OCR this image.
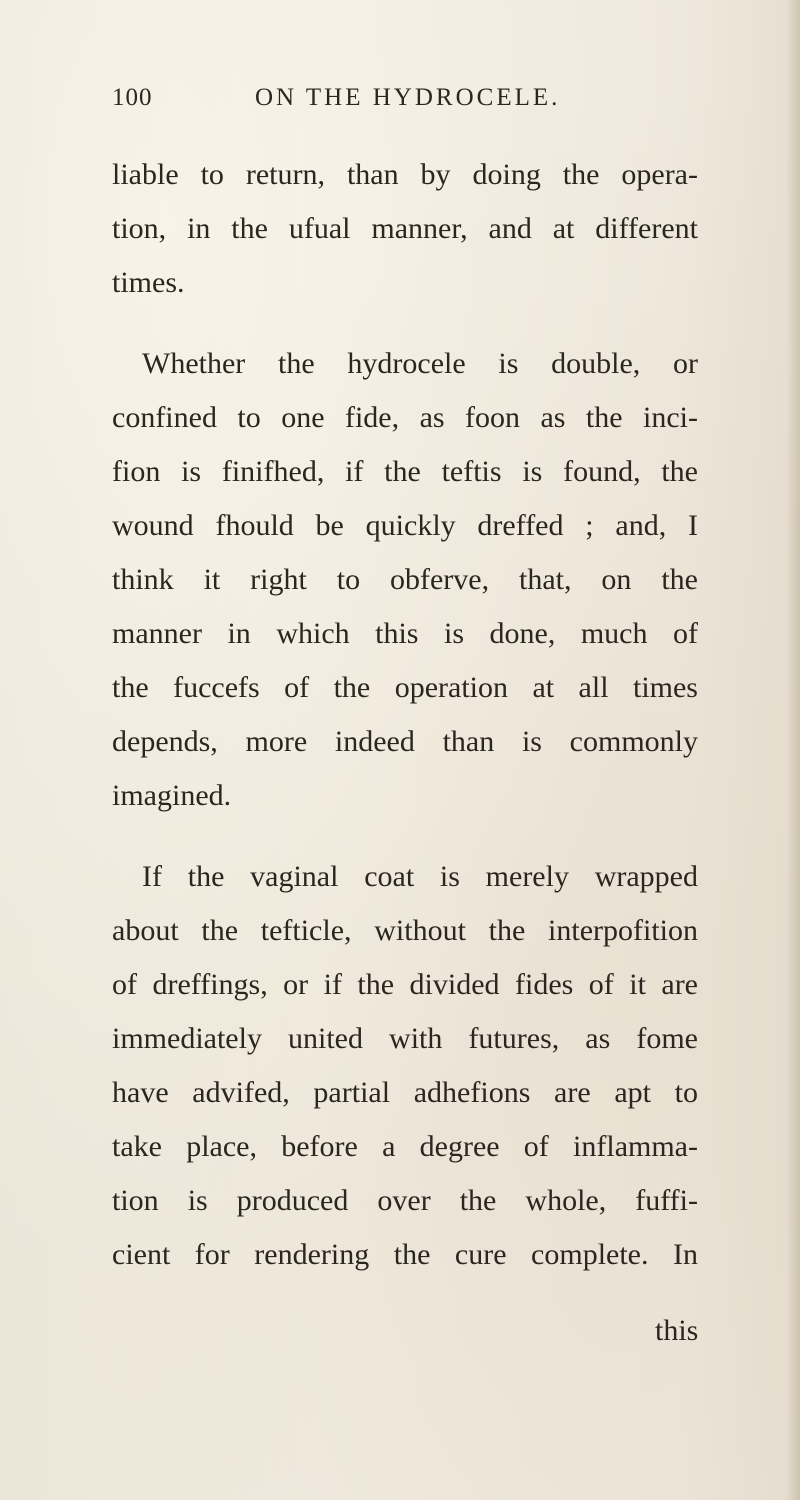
100	ON THE HYDROCELE.
liable to return, than by doing the opera-
tion, in the ufual manner, and at different
times.
Whether the hydrocele is double, or
confined to one fide, as foon as the inci-
fion is finifhed, if the teftis is found, the
wound fhould be quickly dreffed ; and, I
think it right to obferve, that, on the
manner in which this is done, much of
the fuccefs of the operation at all times
depends, more indeed than is commonly
imagined.
If the vaginal coat is merely wrapped
about the tefticle, without the interpofition
of dreffings, or if the divided fides of it are
immediately united with futures, as fome
have advifed, partial adhefions are apt to
take place, before a degree of inflamma-
tion is produced over the whole, fuffi-
cient for rendering the cure complete. In
this
